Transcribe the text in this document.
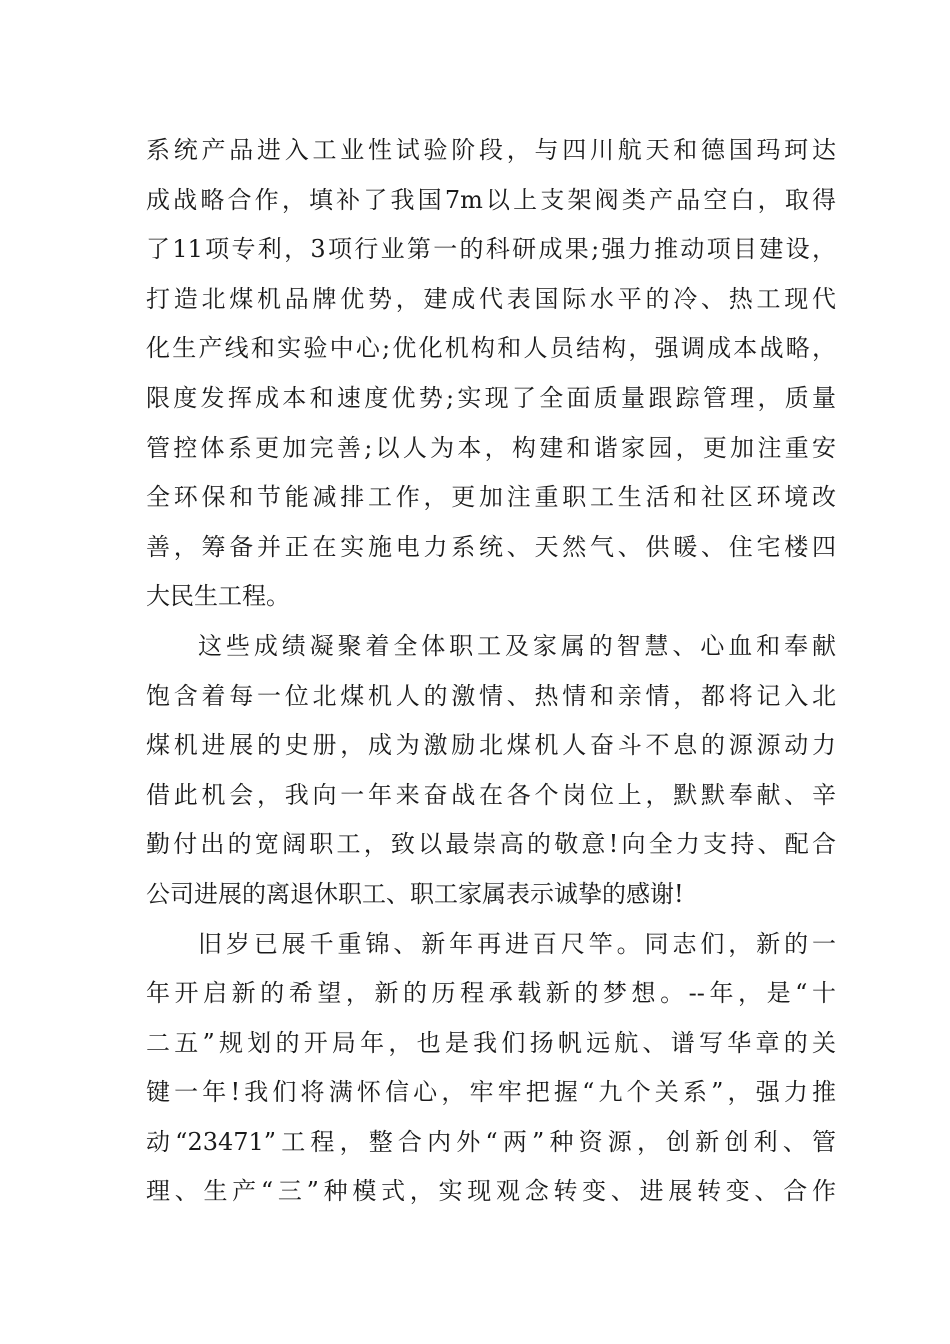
系统产品进入工业性试验阶段，与四川航天和德国玛珂达
成战略合作，填补了我国7m以上支架阀类产品空白，取得
了11项专利，3项行业第一的科研成果;强力推动项目建设，
打造北煤机品牌优势，建成代表国际水平的冷、热工现代
化生产线和实验中心;优化机构和人员结构，强调成本战略，
限度发挥成本和速度优势;实现了全面质量跟踪管理，质量
管控体系更加完善;以人为本，构建和谐家园，更加注重安
全环保和节能减排工作，更加注重职工生活和社区环境改
善，筹备并正在实施电力系统、天然气、供暖、住宅楼四
大民生工程。
这些成绩凝聚着全体职工及家属的智慧、心血和奉献
饱含着每一位北煤机人的激情、热情和亲情，都将记入北
煤机进展的史册，成为激励北煤机人奋斗不息的源源动力
借此机会，我向一年来奋战在各个岗位上，默默奉献、辛
勤付出的宽阔职工，致以最崇高的敬意!向全力支持、配合
公司进展的离退休职工、职工家属表示诚挚的感谢!
旧岁已展千重锦、新年再进百尺竿。同志们，新的一
年开启新的希望，新的历程承载新的梦想。--年，是“十
二五”规划的开局年，也是我们扬帆远航、谱写华章的关
键一年!我们将满怀信心，牢牢把握“九个关系”，强力推
动“23471”工程，整合内外“两”种资源，创新创利、管
理、生产“三”种模式，实现观念转变、进展转变、合作
